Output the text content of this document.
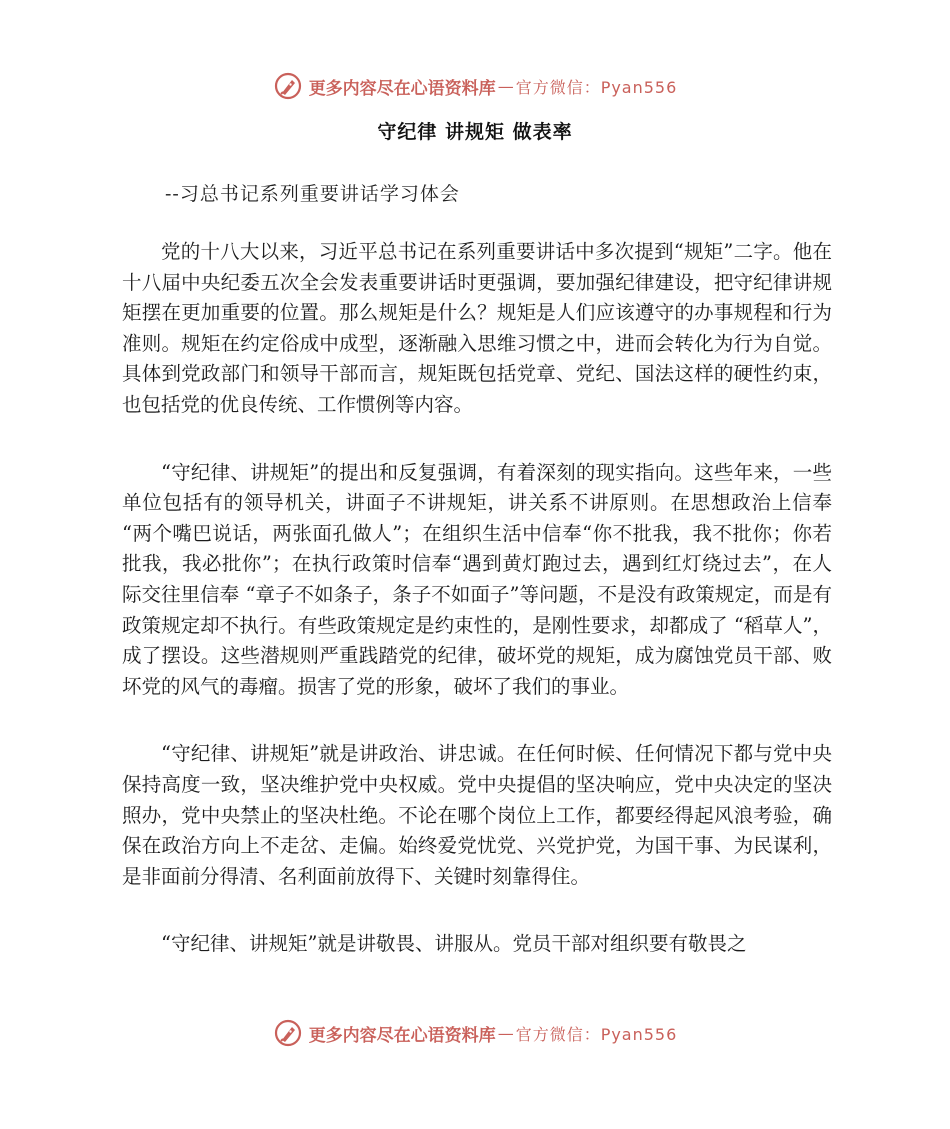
更多内容尽在心语资料库 — 官方微信：Pyan556
守纪律 讲规矩 做表率
--习总书记系列重要讲话学习体会

党的十八大以来，习近平总书记在系列重要讲话中多次提到“规矩”二字。他在十八届中央纪委五次全会发表重要讲话时更强调，要加强纪律建设，把守纪律讲规矩摆在更加重要的位置。那么规矩是什么？规矩是人们应该遵守的办事规程和行为准则。规矩在约定俗成中成型，逐渐融入思维习惯之中，进而会转化为行为自觉。具体到党政部门和领导干部而言，规矩既包括党章、党纪、国法这样的硬性约束，也包括党的优良传统、工作惯例等内容。

“守纪律、讲规矩”的提出和反复强调，有着深刻的现实指向。这些年来，一些单位包括有的领导机关，讲面子不讲规矩，讲关系不讲原则。在思想政治上信奉 “两个嘴巴说话，两张面孔做人”；在组织生活中信奉“你不批我，我不批你；你若批我，我必批你”；在执行政策时信奉“遇到黄灯跑过去，遇到红灯绕过去”，在人际交往里信奉 “章子不如条子，条子不如面子”等问题，不是没有政策规定，而是有政策规定却不执行。有些政策规定是约束性的，是刚性要求，却都成了 “稻草人”，成了摆设。这些潜规则严重践踏党的纪律，破坏党的规矩，成为腐蚀党员干部、败坏党的风气的毒瘤。损害了党的形象，破坏了我们的事业。

“守纪律、讲规矩”就是讲政治、讲忠诚。在任何时候、任何情况下都与党中央保持高度一致，坚决维护党中央权威。党中央提倡的坚决响应，党中央决定的坚决照办，党中央禁止的坚决杜绝。不论在哪个岗位上工作，都要经得起风浪考验，确保在政治方向上不走岔、走偏。始终爱党忧党、兴党护党，为国干事、为民谋利，是非面前分得清、名利面前放得下、关键时刻靠得住。

“守纪律、讲规矩”就是讲敬畏、讲服从。党员干部对组织要有敬畏之

更多内容尽在心语资料库 — 官方微信：Pyan556
